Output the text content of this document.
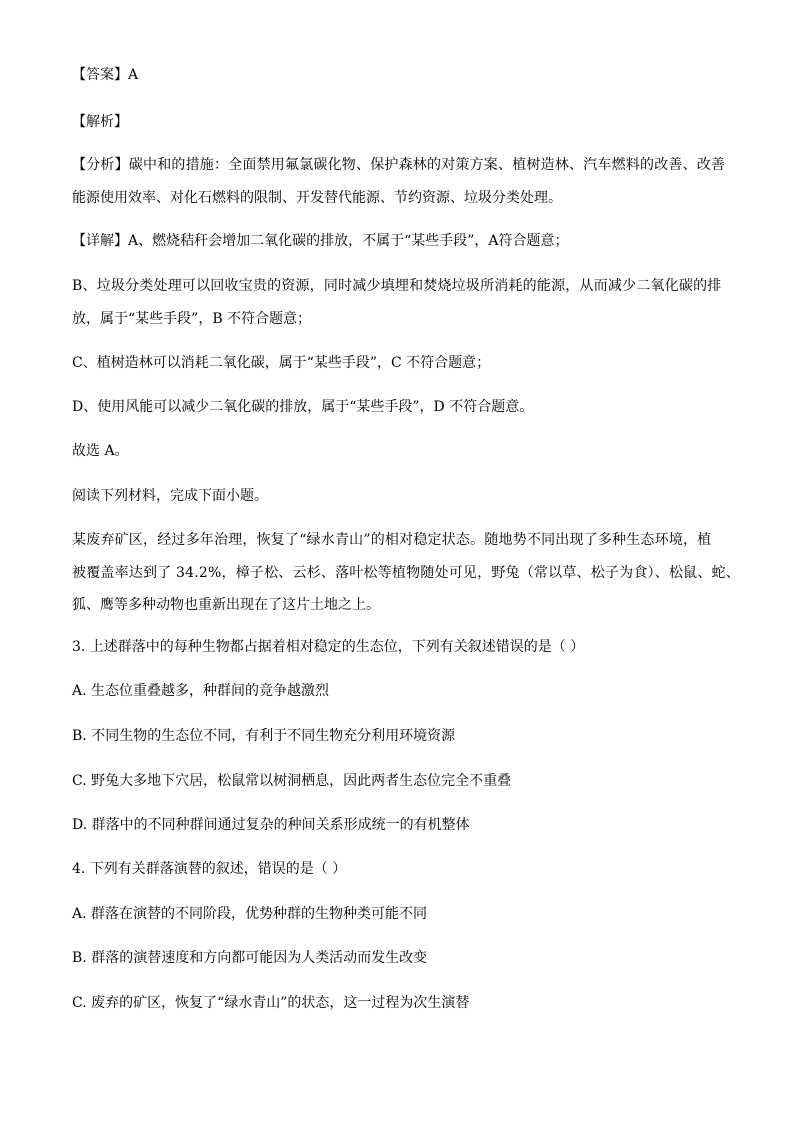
【答案】A
【解析】
【分析】碳中和的措施：全面禁用氟氯碳化物、保护森林的对策方案、植树造林、汽车燃料的改善、改善
能源使用效率、对化石燃料的限制、开发替代能源、节约资源、垃圾分类处理。
【详解】A、燃烧秸秆会增加二氧化碳的排放，不属于“某些手段”，A符合题意；
B、垃圾分类处理可以回收宝贵的资源，同时减少填埋和焚烧垃圾所消耗的能源，从而减少二氧化碳的排
放，属于“某些手段”，B 不符合题意；
C、植树造林可以消耗二氧化碳，属于“某些手段”，C 不符合题意；
D、使用风能可以减少二氧化碳的排放，属于“某些手段”，D 不符合题意。
故选 A。
阅读下列材料，完成下面小题。
某废弃矿区，经过多年治理，恢复了“绿水青山”的相对稳定状态。随地势不同出现了多种生态环境，植
被覆盖率达到了 34.2%，樟子松、云杉、落叶松等植物随处可见，野兔（常以草、松子为食）、松鼠、蛇、
狐、鹰等多种动物也重新出现在了这片土地之上。
3. 上述群落中的每种生物都占据着相对稳定的生态位，下列有关叙述错误的是（ ）
A. 生态位重叠越多，种群间的竞争越激烈
B. 不同生物的生态位不同，有利于不同生物充分利用环境资源
C. 野兔大多地下穴居，松鼠常以树洞栖息，因此两者生态位完全不重叠
D. 群落中的不同种群间通过复杂的种间关系形成统一的有机整体
4. 下列有关群落演替的叙述，错误的是（ ）
A. 群落在演替的不同阶段，优势种群的生物种类可能不同
B. 群落的演替速度和方向都可能因为人类活动而发生改变
C. 废弃的矿区，恢复了“绿水青山”的状态，这一过程为次生演替
